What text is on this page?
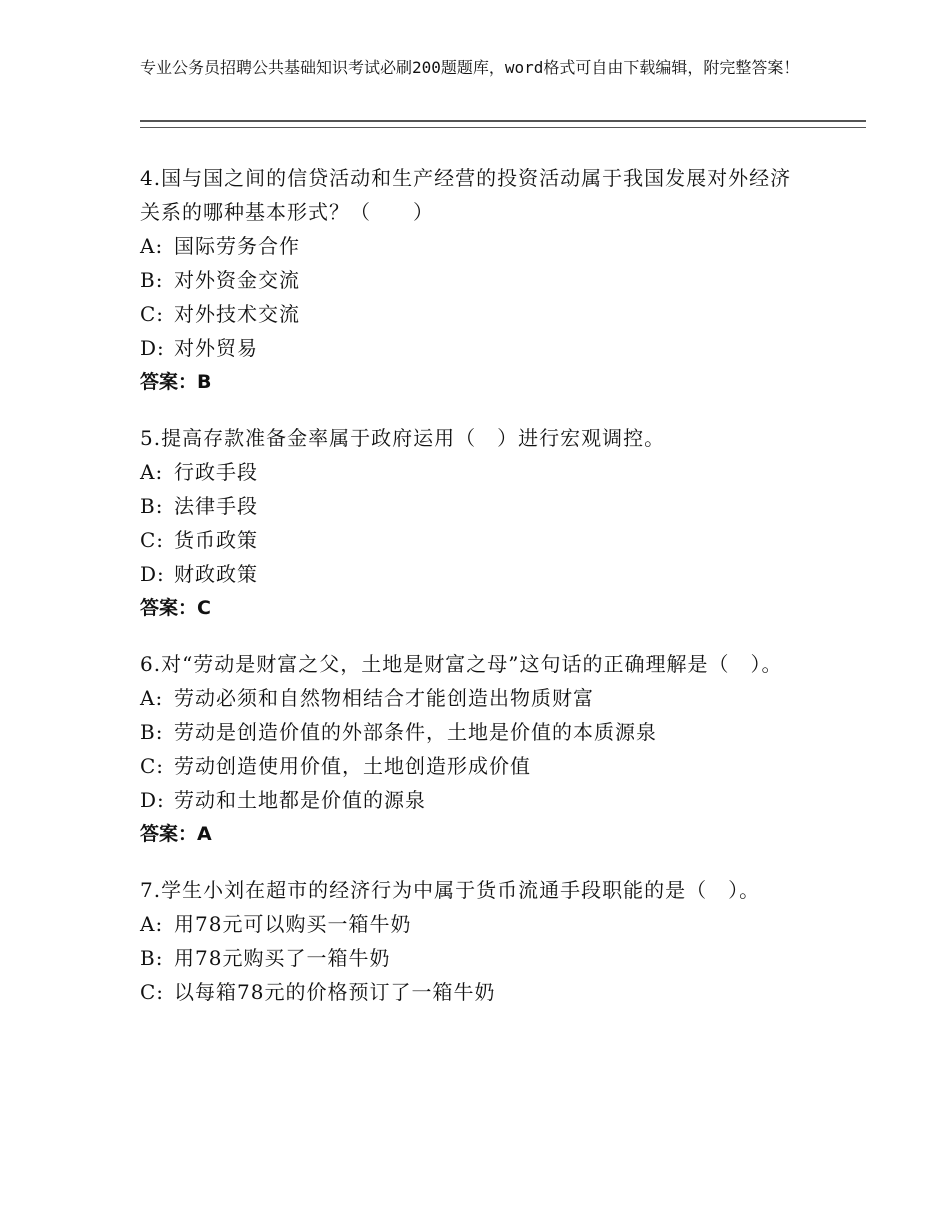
专业公务员招聘公共基础知识考试必刷200题题库，word格式可自由下载编辑，附完整答案！
4.国与国之间的信贷活动和生产经营的投资活动属于我国发展对外经济关系的哪种基本形式？（　　）
A: 国际劳务合作
B: 对外资金交流
C: 对外技术交流
D: 对外贸易
答案：B
5.提高存款准备金率属于政府运用（　）进行宏观调控。
A: 行政手段
B: 法律手段
C: 货币政策
D: 财政政策
答案：C
6.对“劳动是财富之父，土地是财富之母”这句话的正确理解是（　）。
A: 劳动必须和自然物相结合才能创造出物质财富
B: 劳动是创造价值的外部条件，土地是价值的本质源泉
C: 劳动创造使用价值，土地创造形成价值
D: 劳动和土地都是价值的源泉
答案：A
7.学生小刘在超市的经济行为中属于货币流通手段职能的是（　）。
A: 用78元可以购买一箱牛奶
B: 用78元购买了一箱牛奶
C: 以每箱78元的价格预订了一箱牛奶
